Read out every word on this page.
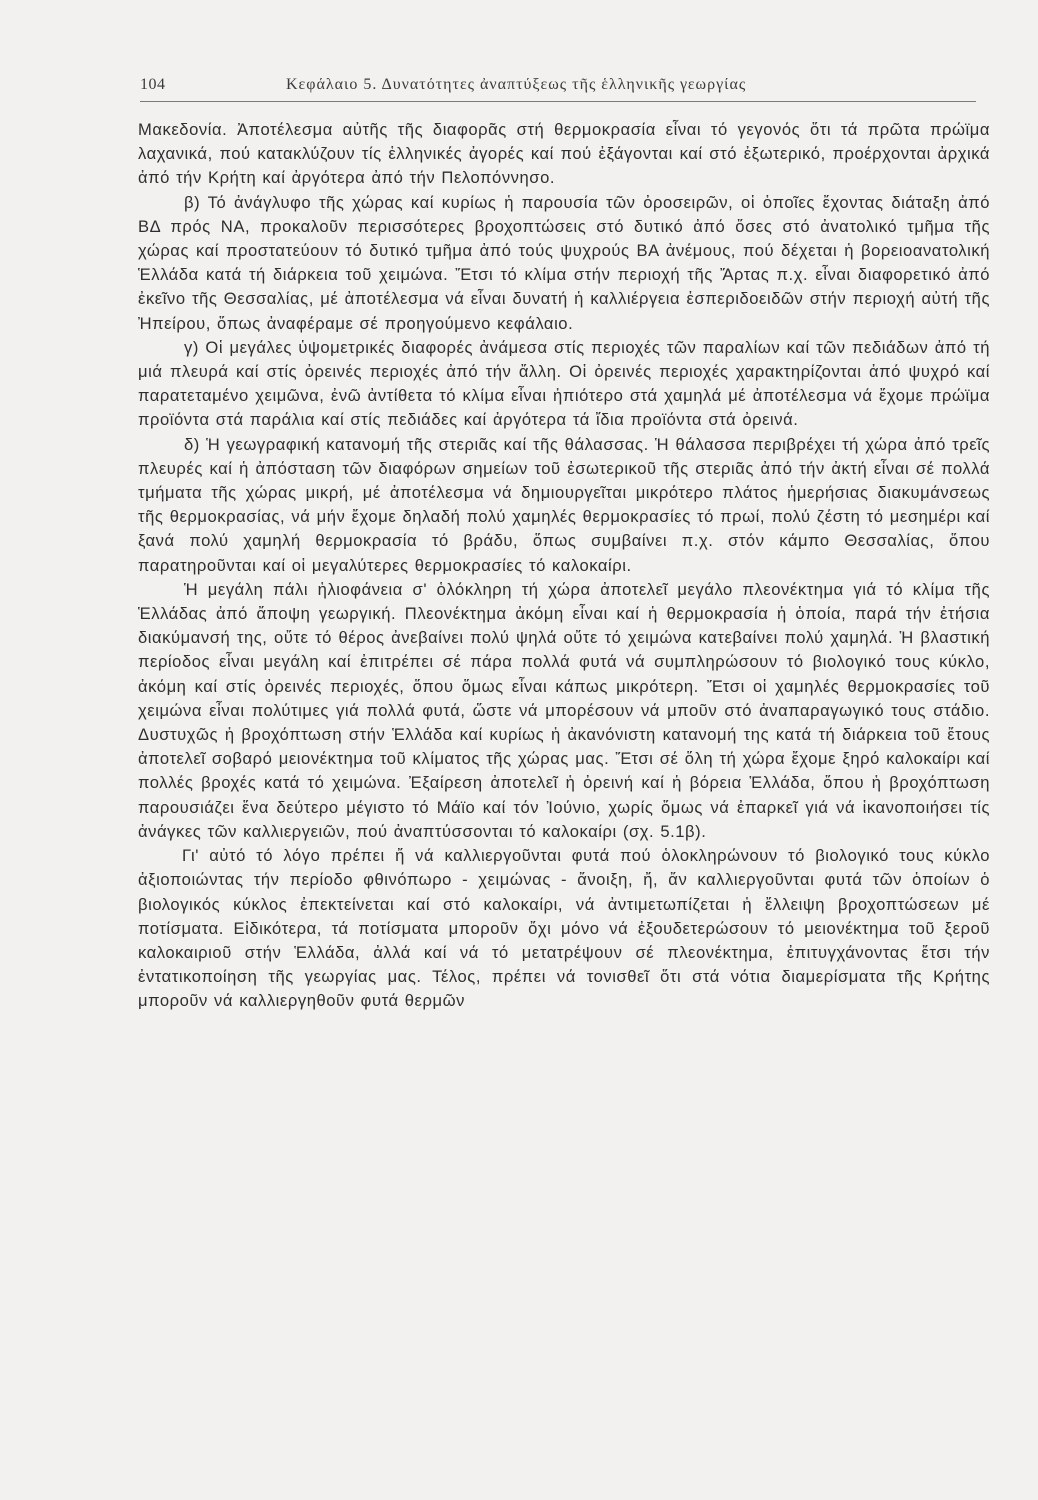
104	Κεφάλαιο 5. Δυνατότητες ἀναπτύξεως τῆς ἑλληνικῆς γεωργίας

Μακεδονία. Ἀποτέλεσμα αὐτῆς τῆς διαφορᾶς στή θερμοκρασία εἶναι τό γεγονός ὅτι τά πρῶτα πρώϊμα λαχανικά, πού κατακλύζουν τίς ἑλληνικές ἀγορές καί πού ἐξάγονται καί στό ἐξωτερικό, προέρχονται ἀρχικά ἀπό τήν Κρήτη καί ἀργότερα ἀπό τήν Πελοπόννησο.

β) Τό ἀνάγλυφο τῆς χώρας καί κυρίως ἡ παρουσία τῶν ὀροσειρῶν, οἱ ὁποῖες ἔχοντας διάταξη ἀπό ΒΔ πρός ΝΑ, προκαλοῦν περισσότερες βροχοπτώσεις στό δυτικό ἀπό ὅσες στό ἀνατολικό τμῆμα τῆς χώρας καί προστατεύουν τό δυτικό τμῆμα ἀπό τούς ψυχρούς ΒΑ ἀνέμους, πού δέχεται ἡ βορειοανατολική Ἑλλάδα κατά τή διάρκεια τοῦ χειμώνα. Ἔτσι τό κλίμα στήν περιοχή τῆς Ἄρτας π.χ. εἶναι διαφορετικό ἀπό ἐκεῖνο τῆς Θεσσαλίας, μέ ἀποτέλεσμα νά εἶναι δυνατή ἡ καλλιέργεια ἐσπεριδοειδῶν στήν περιοχή αὐτή τῆς Ἠπείρου, ὅπως ἀναφέραμε σέ προηγούμενο κεφάλαιο.

γ) Οἱ μεγάλες ὑψομετρικές διαφορές ἀνάμεσα στίς περιοχές τῶν παραλίων καί τῶν πεδιάδων ἀπό τή μιά πλευρά καί στίς ὀρεινές περιοχές ἀπό τήν ἄλλη. Οἱ ὀρεινές περιοχές χαρακτηρίζονται ἀπό ψυχρό καί παρατεταμένο χειμῶνα, ἐνῶ ἀντίθετα τό κλίμα εἶναι ἠπιότερο στά χαμηλά μέ ἀποτέλεσμα νά ἔχομε πρώϊμα προϊόντα στά παράλια καί στίς πεδιάδες καί ἀργότερα τά ἴδια προϊόντα στά ὀρεινά.

δ) Ἡ γεωγραφική κατανομή τῆς στεριᾶς καί τῆς θάλασσας. Ἡ θάλασσα περιβρέχει τή χώρα ἀπό τρεῖς πλευρές καί ἡ ἀπόσταση τῶν διαφόρων σημείων τοῦ ἐσωτερικοῦ τῆς στεριᾶς ἀπό τήν ἀκτή εἶναι σέ πολλά τμήματα τῆς χώρας μικρή, μέ ἀποτέλεσμα νά δημιουργεῖται μικρότερο πλάτος ἡμερήσιας διακυμάνσεως τῆς θερμοκρασίας, νά μήν ἔχομε δηλαδή πολύ χαμηλές θερμοκρασίες τό πρωί, πολύ ζέστη τό μεσημέρι καί ξανά πολύ χαμηλή θερμοκρασία τό βράδυ, ὅπως συμβαίνει π.χ. στόν κάμπο Θεσσαλίας, ὅπου παρατηροῦνται καί οἱ μεγαλύτερες θερμοκρασίες τό καλοκαίρι.

Ἡ μεγάλη πάλι ἡλιοφάνεια σ' ὁλόκληρη τή χώρα ἀποτελεῖ μεγάλο πλεονέκτημα γιά τό κλίμα τῆς Ἑλλάδας ἀπό ἄποψη γεωργική. Πλεονέκτημα ἀκόμη εἶναι καί ἡ θερμοκρασία ἡ ὁποία, παρά τήν ἐτήσια διακύμανσή της, οὔτε τό θέρος ἀνεβαίνει πολύ ψηλά οὔτε τό χειμώνα κατεβαίνει πολύ χαμηλά. Ἡ βλαστική περίοδος εἶναι μεγάλη καί ἐπιτρέπει σέ πάρα πολλά φυτά νά συμπληρώσουν τό βιολογικό τους κύκλο, ἀκόμη καί στίς ὀρεινές περιοχές, ὅπου ὅμως εἶναι κάπως μικρότερη. Ἔτσι οἱ χαμηλές θερμοκρασίες τοῦ χειμώνα εἶναι πολύτιμες γιά πολλά φυτά, ὥστε νά μπορέσουν νά μποῦν στό ἀναπαραγωγικό τους στάδιο. Δυστυχῶς ἡ βροχόπτωση στήν Ἑλλάδα καί κυρίως ἡ ἀκανόνιστη κατανομή της κατά τή διάρκεια τοῦ ἔτους ἀποτελεῖ σοβαρό μειονέκτημα τοῦ κλίματος τῆς χώρας μας. Ἔτσι σέ ὅλη τή χώρα ἔχομε ξηρό καλοκαίρι καί πολλές βροχές κατά τό χειμώνα. Ἐξαίρεση ἀποτελεῖ ἡ ὀρεινή καί ἡ βόρεια Ἑλλάδα, ὅπου ἡ βροχόπτωση παρουσιάζει ἕνα δεύτερο μέγιστο τό Μάϊο καί τόν Ἰούνιο, χωρίς ὅμως νά ἐπαρκεῖ γιά νά ἱκανοποιήσει τίς ἀνάγκες τῶν καλλιεργειῶν, πού ἀναπτύσσονται τό καλοκαίρι (σχ. 5.1β).

Γι' αὐτό τό λόγο πρέπει ἤ νά καλλιεργοῦνται φυτά πού ὁλοκληρώνουν τό βιολογικό τους κύκλο ἀξιοποιώντας τήν περίοδο φθινόπωρο - χειμώνας - ἄνοιξη, ἤ, ἄν καλλιεργοῦνται φυτά τῶν ὁποίων ὁ βιολογικός κύκλος ἐπεκτείνεται καί στό καλοκαίρι, νά ἀντιμετωπίζεται ἡ ἔλλειψη βροχοπτώσεων μέ ποτίσματα. Εἰδικότερα, τά ποτίσματα μποροῦν ὄχι μόνο νά ἐξουδετερώσουν τό μειονέκτημα τοῦ ξεροῦ καλοκαιριοῦ στήν Ἑλλάδα, ἀλλά καί νά τό μετατρέψουν σέ πλεονέκτημα, ἐπιτυγχάνοντας ἔτσι τήν ἐντατικοποίηση τῆς γεωργίας μας. Τέλος, πρέπει νά τονισθεῖ ὅτι στά νότια διαμερίσματα τῆς Κρήτης μποροῦν νά καλλιεργηθοῦν φυτά θερμῶν
